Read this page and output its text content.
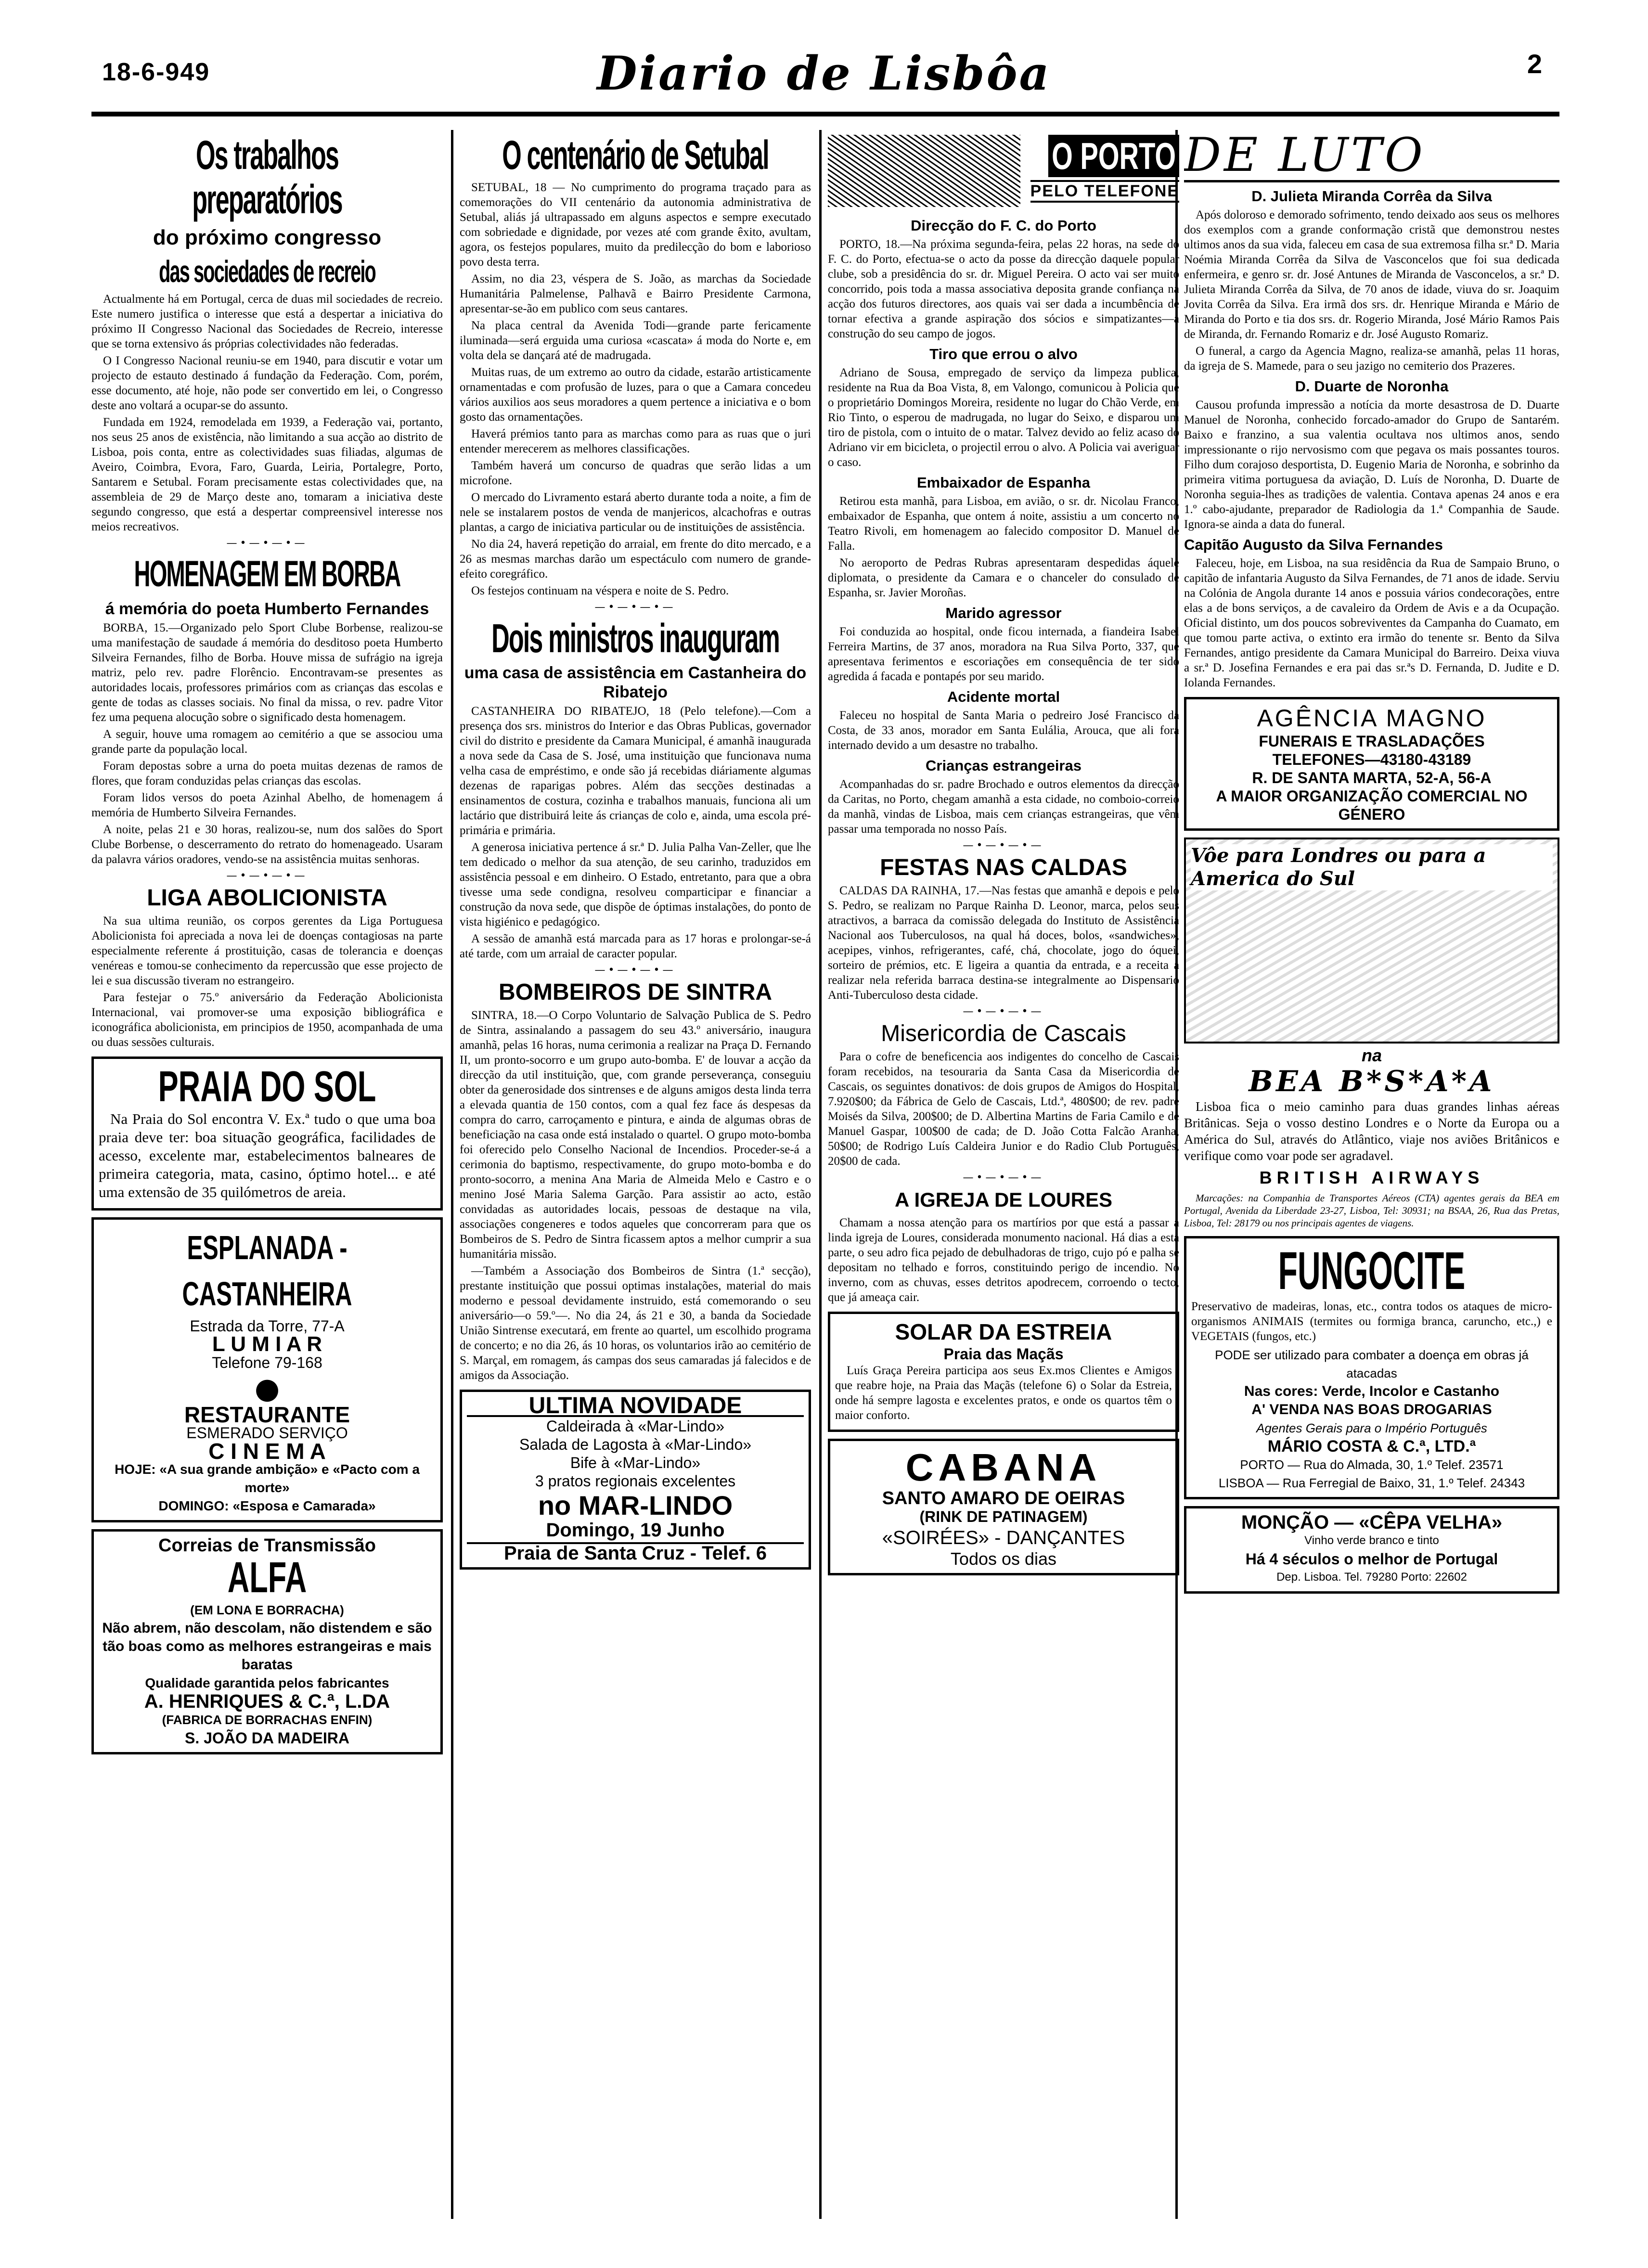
18-6-949	Diario de Lisbôa	2
Os trabalhos preparatórios
do próximo congresso
das sociedades de recreio

Actualmente há em Portugal, cerca de duas mil sociedades de recreio. Este numero justifica o interesse que está a despertar a iniciativa do próximo II Congresso Nacional das Sociedades de Recreio, interesse que se torna extensivo ás próprias colectividades não federadas.

O I Congresso Nacional reuniu-se em 1940, para discutir e votar um projecto de estauto destinado á fundação da Federação. Com, porém, esse documento, até hoje, não pode ser convertido em lei, o Congresso deste ano voltará a ocupar-se do assunto.

Fundada em 1924, remodelada em 1939, a Federação vai, portanto, nos seus 25 anos de existência, não limitando a sua acção ao distrito de Lisboa, pois conta, entre as colectividades suas filiadas, algumas de Aveiro, Coimbra, Evora, Faro, Guarda, Leiria, Portalegre, Porto, Santarem e Setubal. Foram precisamente estas colectividades que, na assembleia de 29 de Março deste ano, tomaram a iniciativa deste segundo congresso, que está a despertar compreensivel interesse nos meios recreativos.

—•—•—•—
HOMENAGEM EM BORBA
á memória do poeta Humberto Fernandes

BORBA, 15.—Organizado pelo Sport Clube Borbense, realizou-se uma manifestação de saudade á memória do desditoso poeta Humberto Silveira Fernandes, filho de Borba. Houve missa de sufrágio na igreja matriz, pelo rev. padre Florêncio. Encontravam-se presentes as autoridades locais, professores primários com as crianças das escolas e gente de todas as classes sociais. No final da missa, o rev. padre Vitor fez uma pequena alocução sobre o significado desta homenagem.

A seguir, houve uma romagem ao cemitério a que se associou uma grande parte da população local.

Foram depostas sobre a urna do poeta muitas dezenas de ramos de flores, que foram conduzidas pelas crianças das escolas.

Foram lidos versos do poeta Azinhal Abelho, de homenagem á memória de Humberto Silveira Fernandes.

A noite, pelas 21 e 30 horas, realizou-se, num dos salões do Sport Clube Borbense, o descerramento do retrato do homenageado. Usaram da palavra vários oradores, vendo-se na assistência muitas senhoras.

—•—•—•—
LIGA ABOLICIONISTA

Na sua ultima reunião, os corpos gerentes da Liga Portuguesa Abolicionista foi apreciada a nova lei de doenças contagiosas na parte especialmente referente á prostituição, casas de tolerancia e doenças venéreas e tomou-se conhecimento da repercussão que esse projecto de lei e sua discussão tiveram no estrangeiro.

Para festejar o 75.º aniversário da Federação Abolicionista Internacional, vai promover-se uma exposição bibliográfica e iconográfica abolicionista, em principios de 1950, acompanhada de uma ou duas sessões culturais.

PRAIA DO SOL

Na Praia do Sol encontra V. Ex.ª tudo o que uma boa praia deve ter: boa situação geográfica, facilidades de acesso, excelente mar, estabelecimentos balneares de primeira categoria, mata, casino, óptimo hotel... e até uma extensão de 35 quilómetros de areia.

ESPLANADA - CASTANHEIRA
Estrada da Torre, 77-A
L U M I A R
Telefone 79-168
●
RESTAURANTE
ESMERADO SERVIÇO
C I N E M A
HOJE: «A sua grande ambição» e «Pacto com a morte»
DOMINGO: «Esposa e Camarada»
Correias de Transmissão
ALFA
(EM LONA E BORRACHA)
Não abrem, não descolam, não distendem e são tão boas como as melhores estrangeiras e mais baratas
Qualidade garantida pelos fabricantes
A. HENRIQUES & C.ª, L.DA
(FABRICA DE BORRACHAS ENFIN)
S. JOÃO DA MADEIRA
O centenário de Setubal

SETUBAL, 18 — No cumprimento do programa traçado para as comemorações do VII centenário da autonomia administrativa de Setubal, aliás já ultrapassado em alguns aspectos e sempre executado com sobriedade e dignidade, por vezes até com grande êxito, avultam, agora, os festejos populares, muito da predilecção do bom e laborioso povo desta terra.

Assim, no dia 23, véspera de S. João, as marchas da Sociedade Humanitária Palmelense, Palhavã e Bairro Presidente Carmona, apresentar-se-ão em publico com seus cantares.

Na placa central da Avenida Todi—grande parte fericamente iluminada—será erguida uma curiosa «cascata» á moda do Norte e, em volta dela se dançará até de madrugada.

Muitas ruas, de um extremo ao outro da cidade, estarão artisticamente ornamentadas e com profusão de luzes, para o que a Camara concedeu vários auxilios aos seus moradores a quem pertence a iniciativa e o bom gosto das ornamentações.

Haverá prémios tanto para as marchas como para as ruas que o juri entender merecerem as melhores classificações.

Também haverá um concurso de quadras que serão lidas a um microfone.

O mercado do Livramento estará aberto durante toda a noite, a fim de nele se instalarem postos de venda de manjericos, alcachofras e outras plantas, a cargo de iniciativa particular ou de instituições de assistência.

No dia 24, haverá repetição do arraial, em frente do dito mercado, e a 26 as mesmas marchas darão um espectáculo com numero de grande-efeito coregráfico.

Os festejos continuam na véspera e noite de S. Pedro.

—•—•—•—
Dois ministros inauguram
uma casa de assistência em Castanheira do Ribatejo

CASTANHEIRA DO RIBATEJO, 18 (Pelo telefone).—Com a presença dos srs. ministros do Interior e das Obras Publicas, governador civil do distrito e presidente da Camara Municipal, é amanhã inaugurada a nova sede da Casa de S. José, uma instituição que funcionava numa velha casa de empréstimo, e onde são já recebidas diáriamente algumas dezenas de raparigas pobres. Além das secções destinadas a ensinamentos de costura, cozinha e trabalhos manuais, funciona ali um lactário que distribuirá leite ás crianças de colo e, ainda, uma escola pré-primária e primária.

A generosa iniciativa pertence á sr.ª D. Julia Palha Van-Zeller, que lhe tem dedicado o melhor da sua atenção, de seu carinho, traduzidos em assistência pessoal e em dinheiro. O Estado, entretanto, para que a obra tivesse uma sede condigna, resolveu comparticipar e financiar a construção da nova sede, que dispõe de óptimas instalações, do ponto de vista higiénico e pedagógico.

A sessão de amanhã está marcada para as 17 horas e prolongar-se-á até tarde, com um arraial de caracter popular.

—•—•—•—
BOMBEIROS DE SINTRA

SINTRA, 18.—O Corpo Voluntario de Salvação Publica de S. Pedro de Sintra, assinalando a passagem do seu 43.º aniversário, inaugura amanhã, pelas 16 horas, numa cerimonia a realizar na Praça D. Fernando II, um pronto-socorro e um grupo auto-bomba. E' de louvar a acção da direcção da util instituição, que, com grande perseverança, conseguiu obter da generosidade dos sintrenses e de alguns amigos desta linda terra a elevada quantia de 150 contos, com a qual fez face ás despesas da compra do carro, carroçamento e pintura, e ainda de algumas obras de beneficiação na casa onde está instalado o quartel. O grupo moto-bomba foi oferecido pelo Conselho Nacional de Incendios. Proceder-se-á a cerimonia do baptismo, respectivamente, do grupo moto-bomba e do pronto-socorro, a menina Ana Maria de Almeida Melo e Castro e o menino José Maria Salema Garção. Para assistir ao acto, estão convidadas as autoridades locais, pessoas de destaque na vila, associações congeneres e todos aqueles que concorreram para que os Bombeiros de S. Pedro de Sintra ficassem aptos a melhor cumprir a sua humanitária missão.

—Também a Associação dos Bombeiros de Sintra (1.ª secção), prestante instituição que possui optimas instalações, material do mais moderno e pessoal devidamente instruido, está comemorando o seu aniversário—o 59.º—. No dia 24, ás 21 e 30, a banda da Sociedade União Sintrense executará, em frente ao quartel, um escolhido programa de concerto; e no dia 26, ás 10 horas, os voluntarios irão ao cemitério de S. Marçal, em romagem, ás campas dos seus camaradas já falecidos e de amigos da Associação.

ULTIMA NOVIDADE
Caldeirada à «Mar-Lindo»
Salada de Lagosta à «Mar-Lindo»
Bife à «Mar-Lindo»
3 pratos regionais excelentes
no MAR-LINDO
Domingo, 19 Junho
Praia de Santa Cruz - Telef. 6
O PORTO
PELO TELEFONE
Direcção do F. C. do Porto

PORTO, 18.—Na próxima segunda-feira, pelas 22 horas, na sede do F. C. do Porto, efectua-se o acto da posse da direcção daquele popular clube, sob a presidência do sr. dr. Miguel Pereira. O acto vai ser muito concorrido, pois toda a massa associativa deposita grande confiança na acção dos futuros directores, aos quais vai ser dada a incumbência de tornar efectiva a grande aspiração dos sócios e simpatizantes—a construção do seu campo de jogos.

Tiro que errou o alvo

Adriano de Sousa, empregado de serviço da limpeza publica, residente na Rua da Boa Vista, 8, em Valongo, comunicou à Policia que o proprietário Domingos Moreira, residente no lugar do Chão Verde, em Rio Tinto, o esperou de madrugada, no lugar do Seixo, e disparou um tiro de pistola, com o intuito de o matar. Talvez devido ao feliz acaso do Adriano vir em bicicleta, o projectil errou o alvo. A Policia vai averiguar o caso.

Embaixador de Espanha

Retirou esta manhã, para Lisboa, em avião, o sr. dr. Nicolau Franco, embaixador de Espanha, que ontem á noite, assistiu a um concerto no Teatro Rivoli, em homenagem ao falecido compositor D. Manuel de Falla.

No aeroporto de Pedras Rubras apresentaram despedidas áquele diplomata, o presidente da Camara e o chanceler do consulado de Espanha, sr. Javier Moroñas.

Marido agressor

Foi conduzida ao hospital, onde ficou internada, a fiandeira Isabel Ferreira Martins, de 37 anos, moradora na Rua Silva Porto, 337, que apresentava ferimentos e escoriações em consequência de ter sido agredida á facada e pontapés por seu marido.

Acidente mortal

Faleceu no hospital de Santa Maria o pedreiro José Francisco da Costa, de 33 anos, morador em Santa Eulália, Arouca, que ali fora internado devido a um desastre no trabalho.

Crianças estrangeiras

Acompanhadas do sr. padre Brochado e outros elementos da direcção da Caritas, no Porto, chegam amanhã a esta cidade, no comboio-correio da manhã, vindas de Lisboa, mais cem crianças estrangeiras, que vêm passar uma temporada no nosso País.

—•—•—•—
FESTAS NAS CALDAS

CALDAS DA RAINHA, 17.—Nas festas que amanhã e depois e pelo S. Pedro, se realizam no Parque Rainha D. Leonor, marca, pelos seus atractivos, a barraca da comissão delegada do Instituto de Assistência Nacional aos Tuberculosos, na qual há doces, bolos, «sandwiches», acepipes, vinhos, refrigerantes, café, chá, chocolate, jogo do óquei, sorteiro de prémios, etc. E ligeira a quantia da entrada, e a receita a realizar nela referida barraca destina-se integralmente ao Dispensario Anti-Tuberculoso desta cidade.

—•—•—•—
Misericordia de Cascais

Para o cofre de beneficencia aos indigentes do concelho de Cascais foram recebidos, na tesouraria da Santa Casa da Misericordia de Cascais, os seguintes donativos: de dois grupos de Amigos do Hospital, 7.920$00; da Fábrica de Gelo de Cascais, Ltd.ª, 480$00; de rev. padre Moisés da Silva, 200$00; de D. Albertina Martins de Faria Camilo e de Manuel Gaspar, 100$00 de cada; de D. João Cotta Falcão Aranha, 50$00; de Rodrigo Luís Caldeira Junior e do Radio Club Português, 20$00 de cada.

—•—•—•—
A IGREJA DE LOURES

Chamam a nossa atenção para os martírios por que está a passar a linda igreja de Loures, considerada monumento nacional. Há dias a esta parte, o seu adro fica pejado de debulhadoras de trigo, cujo pó e palha se depositam no telhado e forros, constituindo perigo de incendio. No inverno, com as chuvas, esses detritos apodrecem, corroendo o tecto, que já ameaça cair.

SOLAR DA ESTREIA
Praia das Maçãs

Luís Graça Pereira participa aos seus Ex.mos Clientes e Amigos que reabre hoje, na Praia das Maçãs (telefone 6) o Solar da Estreia, onde há sempre lagosta e excelentes pratos, e onde os quartos têm o maior conforto.

CABANA
SANTO AMARO DE OEIRAS
(RINK DE PATINAGEM)
«SOIRÉES» - DANÇANTES
Todos os dias
DE LUTO
D. Julieta Miranda Corrêa da Silva

Após doloroso e demorado sofrimento, tendo deixado aos seus os melhores dos exemplos com a grande conformação cristã que demonstrou nestes ultimos anos da sua vida, faleceu em casa de sua extremosa filha sr.ª D. Maria Noémia Miranda Corrêa da Silva de Vasconcelos que foi sua dedicada enfermeira, e genro sr. dr. José Antunes de Miranda de Vasconcelos, a sr.ª D. Julieta Miranda Corrêa da Silva, de 70 anos de idade, viuva do sr. Joaquim Jovita Corrêa da Silva. Era irmã dos srs. dr. Henrique Miranda e Mário de Miranda do Porto e tia dos srs. dr. Rogerio Miranda, José Mário Ramos Pais de Miranda, dr. Fernando Romariz e dr. José Augusto Romariz.

O funeral, a cargo da Agencia Magno, realiza-se amanhã, pelas 11 horas, da igreja de S. Mamede, para o seu jazigo no cemiterio dos Prazeres.

D. Duarte de Noronha

Causou profunda impressão a notícia da morte desastrosa de D. Duarte Manuel de Noronha, conhecido forcado-amador do Grupo de Santarém. Baixo e franzino, a sua valentia ocultava nos ultimos anos, sendo impressionante o rijo nervosismo com que pegava os mais possantes touros. Filho dum corajoso desportista, D. Eugenio Maria de Noronha, e sobrinho da primeira vitima portuguesa da aviação, D. Luís de Noronha, D. Duarte de Noronha seguia-lhes as tradições de valentia. Contava apenas 24 anos e era 1.º cabo-ajudante, preparador de Radiologia da 1.ª Companhia de Saude. Ignora-se ainda a data do funeral.

Capitão Augusto da Silva Fernandes

Faleceu, hoje, em Lisboa, na sua residência da Rua de Sampaio Bruno, o capitão de infantaria Augusto da Silva Fernandes, de 71 anos de idade. Serviu na Colónia de Angola durante 14 anos e possuia vários condecorações, entre elas a de bons serviços, a de cavaleiro da Ordem de Avis e a da Ocupação. Oficial distinto, um dos poucos sobreviventes da Campanha do Cuamato, em que tomou parte activa, o extinto era irmão do tenente sr. Bento da Silva Fernandes, antigo presidente da Camara Municipal do Barreiro. Deixa viuva a sr.ª D. Josefina Fernandes e era pai das sr.ªs D. Fernanda, D. Judite e D. Iolanda Fernandes.

AGÊNCIA MAGNO
FUNERAIS E TRASLADAÇÕES
TELEFONES—43180-43189
R. DE SANTA MARTA, 52-A, 56-A
A MAIOR ORGANIZAÇÃO COMERCIAL NO GÉNERO
Vôe para Londres ou para a America do Sul
na
BEA B*S*A*A

Lisboa fica o meio caminho para duas grandes linhas aéreas Britânicas. Seja o vosso destino Londres e o Norte da Europa ou a América do Sul, através do Atlântico, viaje nos aviões Britânicos e verifique como voar pode ser agradavel.

BRITISH AIRWAYS

Marcações: na Companhia de Transportes Aéreos (CTA) agentes gerais da BEA em Portugal, Avenida da Liberdade 23-27, Lisboa, Tel: 30931; na BSAA, 26, Rua das Pretas, Lisboa, Tel: 28179 ou nos principais agentes de viagens.

FUNGOCITE

Preservativo de madeiras, lonas, etc., contra todos os ataques de micro-organismos ANIMAIS (termites ou formiga branca, caruncho, etc.,) e VEGETAIS (fungos, etc.)

PODE ser utilizado para combater a doença em obras já atacadas
Nas cores: Verde, Incolor e Castanho
A' VENDA NAS BOAS DROGARIAS
Agentes Gerais para o Império Português
MÁRIO COSTA & C.ª, LTD.ª
PORTO — Rua do Almada, 30, 1.º Telef. 23571
LISBOA — Rua Ferregial de Baixo, 31, 1.º Telef. 24343
MONÇÃO — «CÊPA VELHA»
Vinho verde branco e tinto
Há 4 séculos o melhor de Portugal
Dep. Lisboa. Tel. 79280 Porto: 22602
